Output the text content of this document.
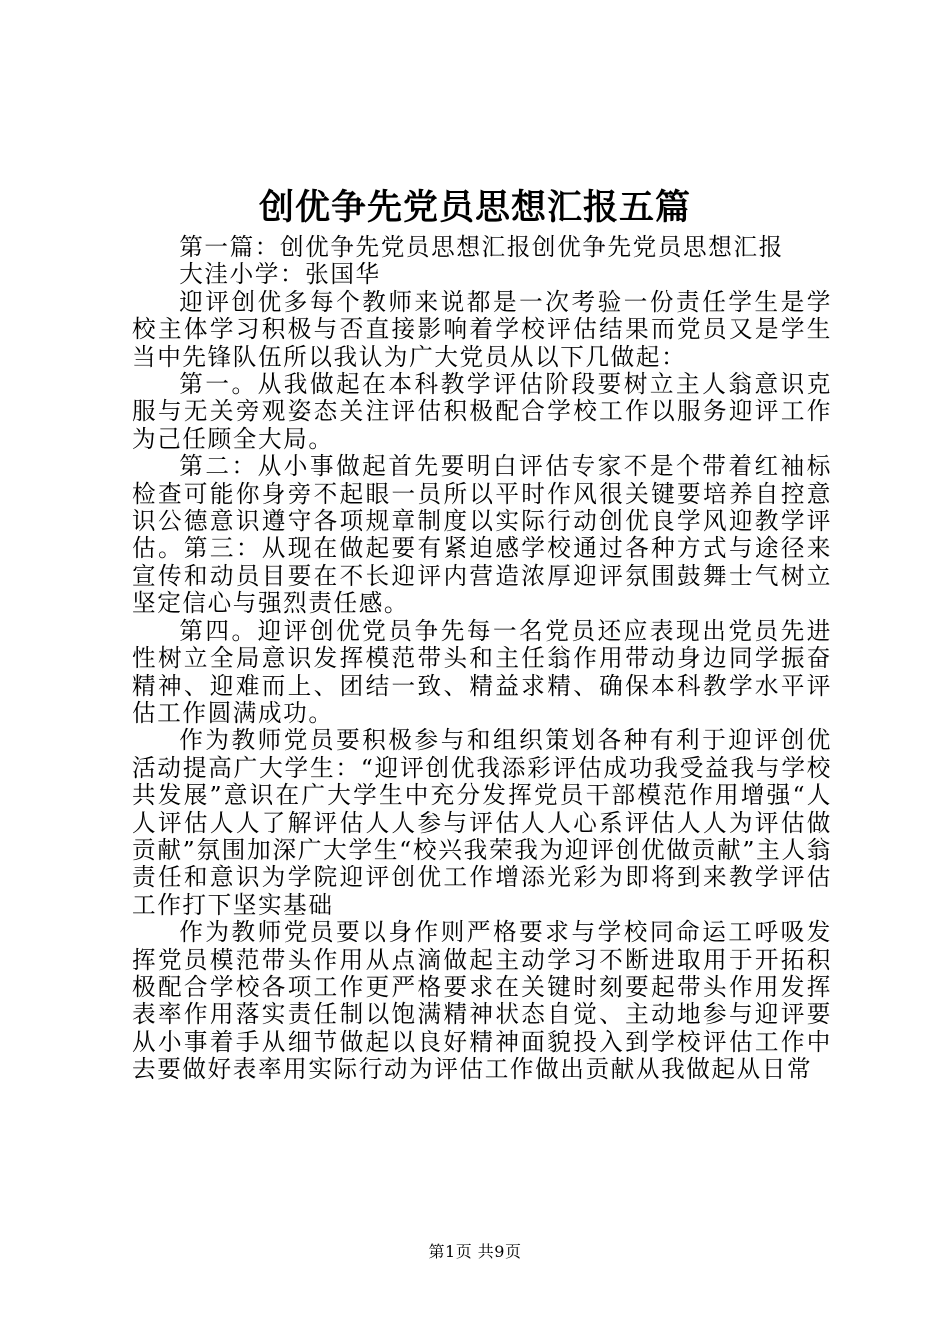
创优争先党员思想汇报五篇

第一篇：创优争先党员思想汇报创优争先党员思想汇报

大洼小学：张国华

迎评创优多每个教师来说都是一次考验一份责任学生是学校主体学习积极与否直接影响着学校评估结果而党员又是学生当中先锋队伍所以我认为广大党员从以下几做起：

第一。从我做起在本科教学评估阶段要树立主人翁意识克服与无关旁观姿态关注评估积极配合学校工作以服务迎评工作为己任顾全大局。

第二：从小事做起首先要明白评估专家不是个带着红袖标检查可能你身旁不起眼一员所以平时作风很关键要培养自控意识公德意识遵守各项规章制度以实际行动创优良学风迎教学评估。第三：从现在做起要有紧迫感学校通过各种方式与途径来宣传和动员目要在不长迎评内营造浓厚迎评氛围鼓舞士气树立坚定信心与强烈责任感。

第四。迎评创优党员争先每一名党员还应表现出党员先进性树立全局意识发挥模范带头和主任翁作用带动身边同学振奋精神、迎难而上、团结一致、精益求精、确保本科教学水平评估工作圆满成功。

作为教师党员要积极参与和组织策划各种有利于迎评创优活动提高广大学生：“迎评创优我添彩评估成功我受益我与学校共发展”意识在广大学生中充分发挥党员干部模范作用增强“人人评估人人了解评估人人参与评估人人心系评估人人为评估做贡献”氛围加深广大学生“校兴我荣我为迎评创优做贡献”主人翁责任和意识为学院迎评创优工作增添光彩为即将到来教学评估工作打下坚实基础

作为教师党员要以身作则严格要求与学校同命运工呼吸发挥党员模范带头作用从点滴做起主动学习不断进取用于开拓积极配合学校各项工作更严格要求在关键时刻要起带头作用发挥表率作用落实责任制以饱满精神状态自觉、主动地参与迎评要从小事着手从细节做起以良好精神面貌投入到学校评估工作中去要做好表率用实际行动为评估工作做出贡献从我做起从日常

第1页 共9页
